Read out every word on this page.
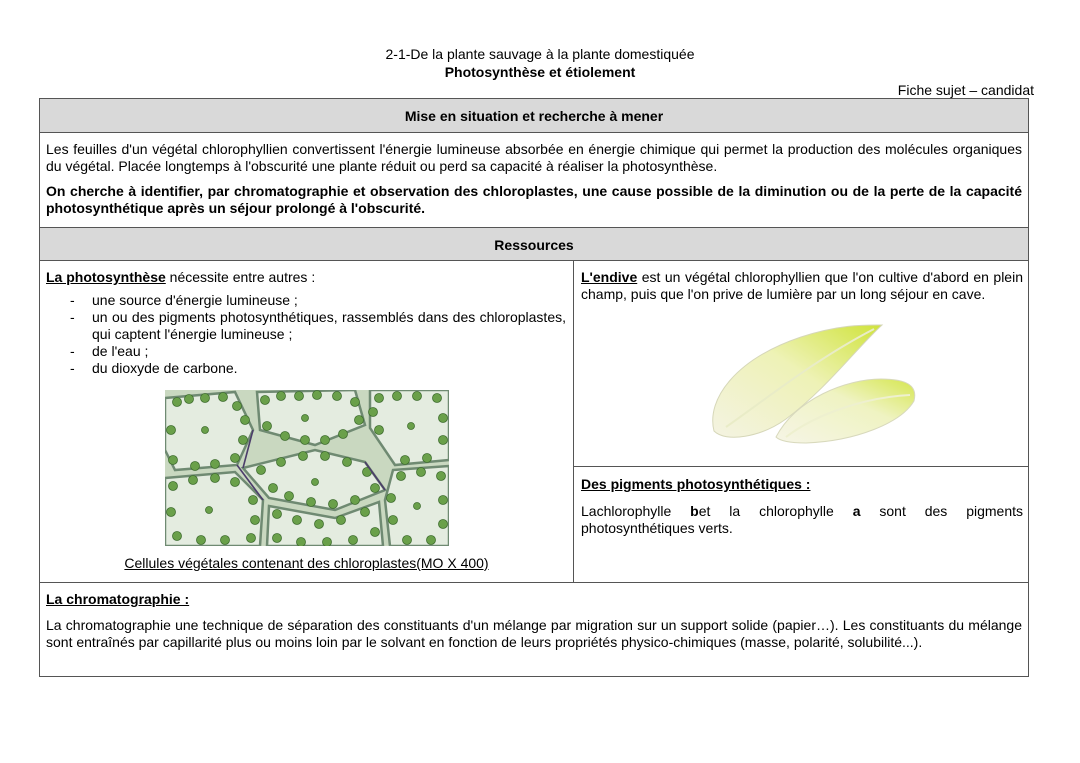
2-1-De la plante sauvage à la plante domestiquée
Photosynthèse et étiolement
Fiche sujet – candidat
Mise en situation et recherche à mener

Les feuilles d'un végétal chlorophyllien convertissent l'énergie lumineuse absorbée en énergie chimique qui permet la production des molécules organiques du végétal. Placée longtemps à l'obscurité une plante réduit ou perd sa capacité à réaliser la photosynthèse.

On cherche à identifier, par chromatographie et observation des chloroplastes, une cause possible de la diminution ou de la perte de la capacité photosynthétique après un séjour prolongé à l'obscurité.

Ressources
La photosynthèse nécessite entre autres :
- une source d'énergie lumineuse ;
- un ou des pigments photosynthétiques, rassemblés dans des chloroplastes, qui captent l'énergie lumineuse ;
- de l'eau ;
- du dioxyde de carbone.
Cellules végétales contenant des chloroplastes(MO X 400)
L'endive est un végétal chlorophyllien que l'on cultive d'abord en plein champ, puis que l'on prive de lumière par un long séjour en cave.
Des pigments photosynthétiques :
Lachlorophylle bet la chlorophylle a sont des pigments photosynthétiques verts.
La chromatographie :
La chromatographie une technique de séparation des constituants d'un mélange par migration sur un support solide (papier…). Les constituants du mélange sont entraînés par capillarité plus ou moins loin par le solvant en fonction de leurs propriétés physico-chimiques (masse, polarité, solubilité...).
